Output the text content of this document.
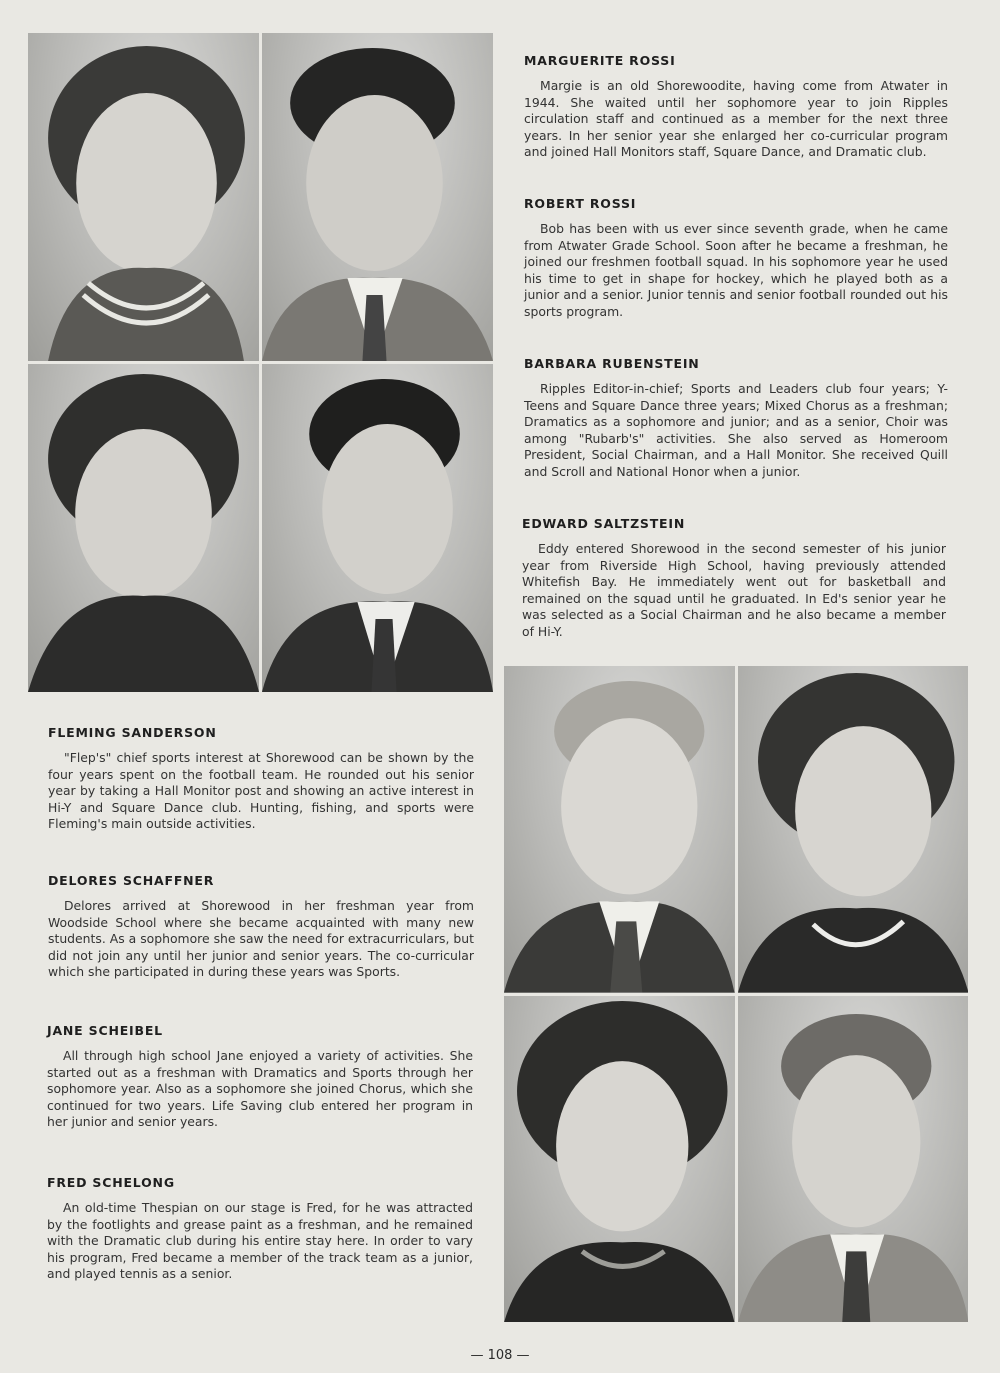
MARGUERITE ROSSI

Margie is an old Shorewoodite, having come from Atwater in 1944. She waited until her sophomore year to join Ripples circulation staff and continued as a member for the next three years. In her senior year she enlarged her co-curricular program and joined Hall Monitors staff, Square Dance, and Dramatic club.

ROBERT ROSSI

Bob has been with us ever since seventh grade, when he came from Atwater Grade School. Soon after he became a freshman, he joined our freshmen football squad. In his sophomore year he used his time to get in shape for hockey, which he played both as a junior and a senior. Junior tennis and senior football rounded out his sports program.

BARBARA RUBENSTEIN

Ripples Editor-in-chief; Sports and Leaders club four years; Y-Teens and Square Dance three years; Mixed Chorus as a freshman; Dramatics as a sophomore and junior; and as a senior, Choir was among "Rubarb's" activities. She also served as Homeroom President, Social Chairman, and a Hall Monitor. She received Quill and Scroll and National Honor when a junior.

EDWARD SALTZSTEIN

Eddy entered Shorewood in the second semester of his junior year from Riverside High School, having previously attended Whitefish Bay. He immediately went out for basketball and remained on the squad until he graduated. In Ed's senior year he was selected as a Social Chairman and he also became a member of Hi-Y.

FLEMING SANDERSON

"Flep's" chief sports interest at Shorewood can be shown by the four years spent on the football team. He rounded out his senior year by taking a Hall Monitor post and showing an active interest in Hi-Y and Square Dance club. Hunting, fishing, and sports were Fleming's main outside activities.

DELORES SCHAFFNER

Delores arrived at Shorewood in her freshman year from Woodside School where she became acquainted with many new students. As a sophomore she saw the need for extracurriculars, but did not join any until her junior and senior years. The co-curricular which she participated in during these years was Sports.

JANE SCHEIBEL

All through high school Jane enjoyed a variety of activities. She started out as a freshman with Dramatics and Sports through her sophomore year. Also as a sophomore she joined Chorus, which she continued for two years. Life Saving club entered her program in her junior and senior years.

FRED SCHELONG

An old-time Thespian on our stage is Fred, for he was attracted by the footlights and grease paint as a freshman, and he remained with the Dramatic club during his entire stay here. In order to vary his program, Fred became a member of the track team as a junior, and played tennis as a senior.

— 108 —
